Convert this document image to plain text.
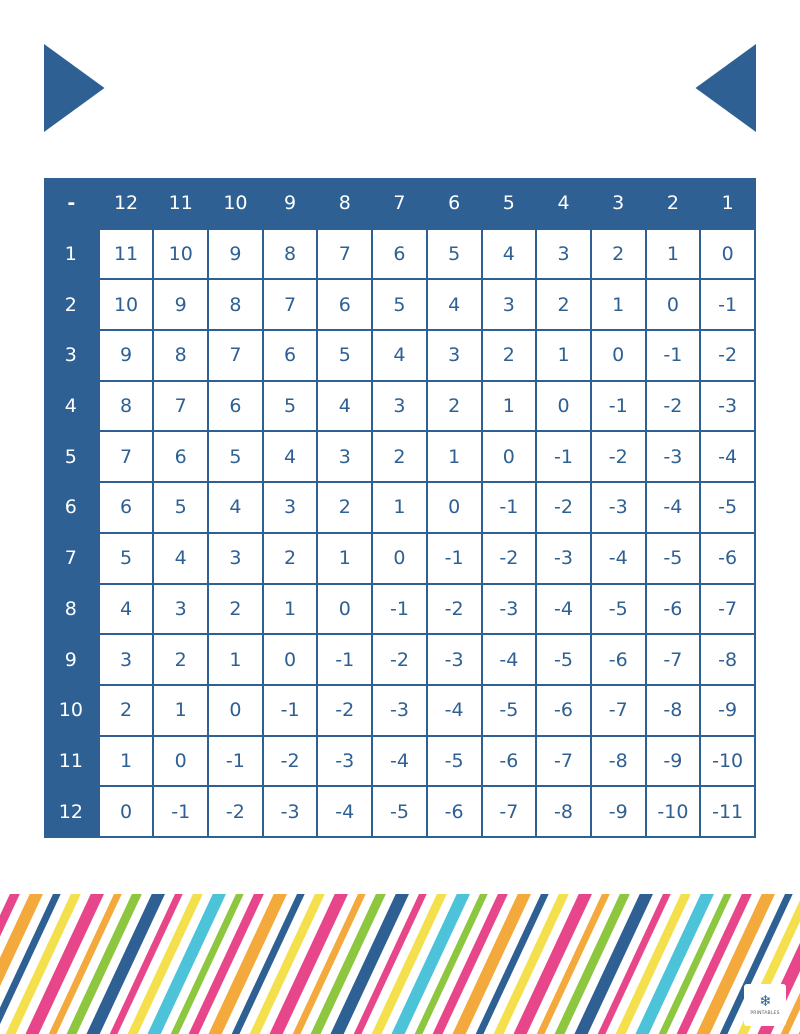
SUBTRACTION CHART
-	12	11	10	9	8	7	6	5	4	3	2	1
1	11	10	9	8	7	6	5	4	3	2	1	0
2	10	9	8	7	6	5	4	3	2	1	0	-1
3	9	8	7	6	5	4	3	2	1	0	-1	-2
4	8	7	6	5	4	3	2	1	0	-1	-2	-3
5	7	6	5	4	3	2	1	0	-1	-2	-3	-4
6	6	5	4	3	2	1	0	-1	-2	-3	-4	-5
7	5	4	3	2	1	0	-1	-2	-3	-4	-5	-6
8	4	3	2	1	0	-1	-2	-3	-4	-5	-6	-7
9	3	2	1	0	-1	-2	-3	-4	-5	-6	-7	-8
10	2	1	0	-1	-2	-3	-4	-5	-6	-7	-8	-9
11	1	0	-1	-2	-3	-4	-5	-6	-7	-8	-9	-10
12	0	-1	-2	-3	-4	-5	-6	-7	-8	-9	-10	-11
❄
PRINTABLES
